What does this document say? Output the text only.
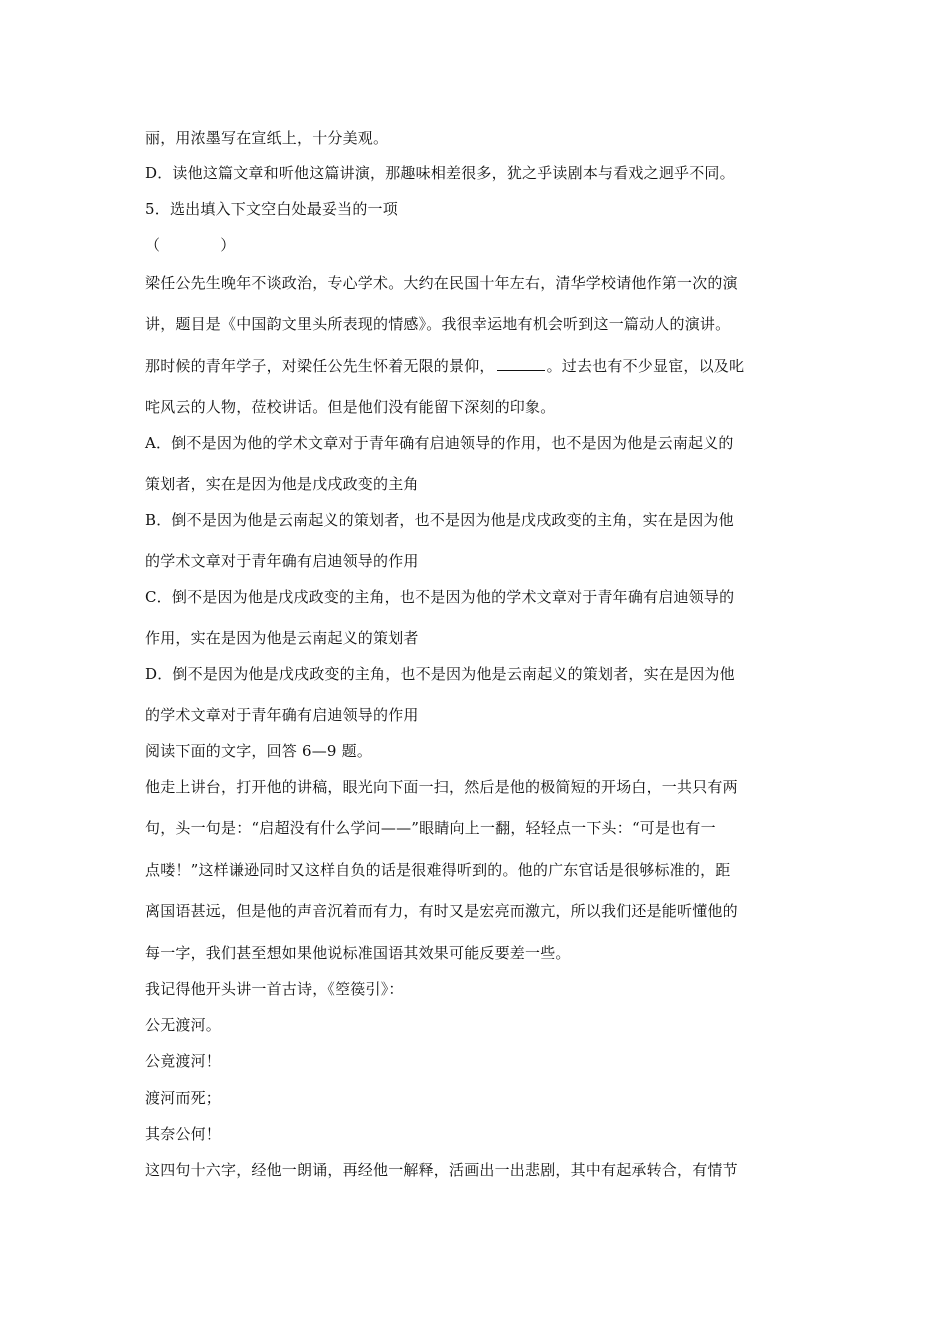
丽，用浓墨写在宣纸上，十分美观。
D．读他这篇文章和听他这篇讲演，那趣味相差很多，犹之乎读剧本与看戏之迥乎不同。
5．选出填入下文空白处最妥当的一项
（	）
梁任公先生晚年不谈政治，专心学术。大约在民国十年左右，清华学校请他作第一次的演
讲，题目是《中国韵文里头所表现的情感》。我很幸运地有机会听到这一篇动人的演讲。
那时候的青年学子，对梁任公先生怀着无限的景仰，	。过去也有不少显宦，以及叱
咤风云的人物，莅校讲话。但是他们没有能留下深刻的印象。
A．倒不是因为他的学术文章对于青年确有启迪领导的作用，也不是因为他是云南起义的
策划者，实在是因为他是戊戌政变的主角
B．倒不是因为他是云南起义的策划者，也不是因为他是戊戌政变的主角，实在是因为他
的学术文章对于青年确有启迪领导的作用
C．倒不是因为他是戊戌政变的主角，也不是因为他的学术文章对于青年确有启迪领导的
作用，实在是因为他是云南起义的策划者
D．倒不是因为他是戊戌政变的主角，也不是因为他是云南起义的策划者，实在是因为他
的学术文章对于青年确有启迪领导的作用
阅读下面的文字，回答 6—9 题。
他走上讲台，打开他的讲稿，眼光向下面一扫，然后是他的极简短的开场白，一共只有两
句，头一句是：“启超没有什么学问——”眼睛向上一翻，轻轻点一下头：“可是也有一
点喽！”这样谦逊同时又这样自负的话是很难得听到的。他的广东官话是很够标准的，距
离国语甚远，但是他的声音沉着而有力，有时又是宏亮而激亢，所以我们还是能听懂他的
每一字，我们甚至想如果他说标准国语其效果可能反要差一些。
我记得他开头讲一首古诗，《箜篌引》：
公无渡河。
公竟渡河！
渡河而死；
其奈公何！
这四句十六字，经他一朗诵，再经他一解释，活画出一出悲剧，其中有起承转合，有情节
